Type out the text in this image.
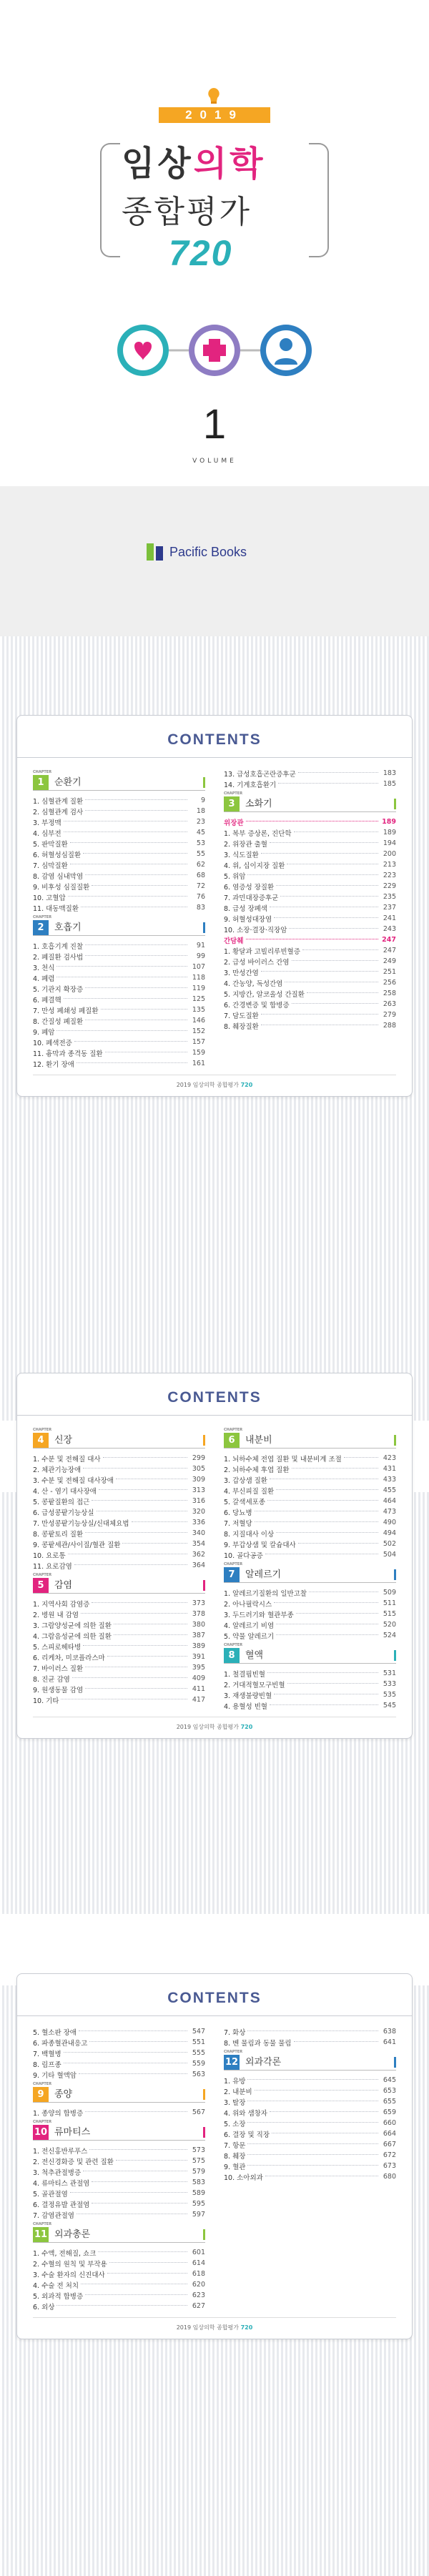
2019
임상의학
종합평가
720
1
VOLUME
Pacific Books
CONTENTS
CHAPTER 1	순환기
1. 심혈관계 질환	9
2. 심혈관계 검사	18
3. 부정맥	23
4. 심부전	45
5. 판막질환	53
6. 허혈성심질환	55
7. 심막질환	62
8. 감염 심내막염	68
9. 비후성 심질질환	72
10. 고혈압	76
11. 대동맥질환	83
CHAPTER 2	호흡기
1. 호흡기계 진찰	91
2. 폐질환 검사법	99
3. 천식	107
4. 폐렴	118
5. 기관지 확장증	119
6. 폐결핵	125
7. 만성 폐쇄성 폐질환	135
8. 간질성 폐질환	146
9. 폐암	152
10. 폐색전증	157
11. 흉막과 종격동 질환	159
12. 환기 장애	161
13. 급성호흡곤란증후군	183
14. 기계호흡환기	185
CHAPTER 3	소화기
위장관	189
1. 복부 증상론, 진단학	189
2. 위장관 출혈	194
3. 식도질환	200
4. 위, 십이지장 질환	213
5. 위암	223
6. 염증성 장질환	229
7. 과민대장증후군	235
8. 급성 장폐색	237
9. 허혈성대장염	241
10. 소장·결장·직장암	243
간담췌	247
1. 황달과 고빌리루빈혈증	247
2. 급성 바이러스 간염	249
3. 만성간염	251
4. 간농양, 독성간염	256
5. 지방간, 알코올성 간질환	258
6. 간경변증 및 합병증	263
7. 담도질환	279
8. 췌장질환	288
2019 임상의학 종합평가 720
CONTENTS
CHAPTER 4	신장
1. 수분 및 전해질 대사	299
2. 체관기능장애	305
3. 수분 및 전해질 대사장애	309
4. 산 - 염기 대사장애	313
5. 콩팥질환의 접근	316
6. 급성콩팥기능상실	320
7. 만성콩팥기능상실/신대체요법	336
8. 콩팥토리 질환	340
9. 콩팥세관/사이질/혈관 질환	354
10. 요로통	362
11. 요로감염	364
CHAPTER 5	감염
1. 지역사회 감염증	373
2. 병원 내 감염	378
3. 그람양성균에 의한 질환	380
4. 그람음성균에 의한 질환	387
5. 스피로헤타병	389
6. 리케차, 미코플라스마	391
7. 바이러스 질환	395
8. 진균 감염	409
9. 원생동물 감염	411
10. 기타	417
CHAPTER 6	내분비
1. 뇌하수체 전엽 질환 및 내분비계 조절	423
2. 뇌하수체 후엽 질환	431
3. 갑상샘 질환	433
4. 부신피질 질환	455
5. 갈색세포종	464
6. 당뇨병	473
7. 저혈당	490
8. 지질대사 이상	494
9. 부갑상샘 및 칼슘대사	502
10. 골다공증	504
CHAPTER 7	알레르기
1. 알레르기질환의 일반고찰	509
2. 아나필락시스	511
3. 두드러기와 혈관부종	515
4. 알레르기 비염	520
5. 약물 알레르기	524
CHAPTER 8	혈액
1. 철결핍빈혈	531
2. 거대적혈모구빈혈	533
3. 재생불량빈혈	535
4. 용혈성 빈혈	545
2019 임상의학 종합평가 720
CONTENTS
5. 혈소판 장애	547
6. 파종혈관내응고	551
7. 백혈병	555
8. 림프종	559
9. 기타 혈액암	563
CHAPTER 9	종양
1. 종양의 합병증	567
CHAPTER 10 류마티스
1. 전신홍반루푸스	573
2. 전신경화증 및 관련 질환	575
3. 척추관절병증	579
4. 류마티스 관절염	583
5. 골관절염	589
6. 결정유발 관절염	595
7. 감염관절염	597
CHAPTER 11 외과총론
1. 수액, 전해질, 쇼크	601
2. 수혈의 원칙 및 부작용	614
3. 수술 환자의 신진대사	618
4. 수술 전 처치	620
5. 외과적 합병증	623
6. 외상	627
7. 화상	638
8. 벤 물림과 동물 물림	641
CHAPTER 12 외과각론
1. 유방	645
2. 내분비	653
3. 탈장	655
4. 위와 샘창자	659
5. 소장	660
6. 결장 및 직장	664
7. 항문	667
8. 췌장	672
9. 혈관	673
10. 소아외과	680
2019 임상의학 종합평가 720
